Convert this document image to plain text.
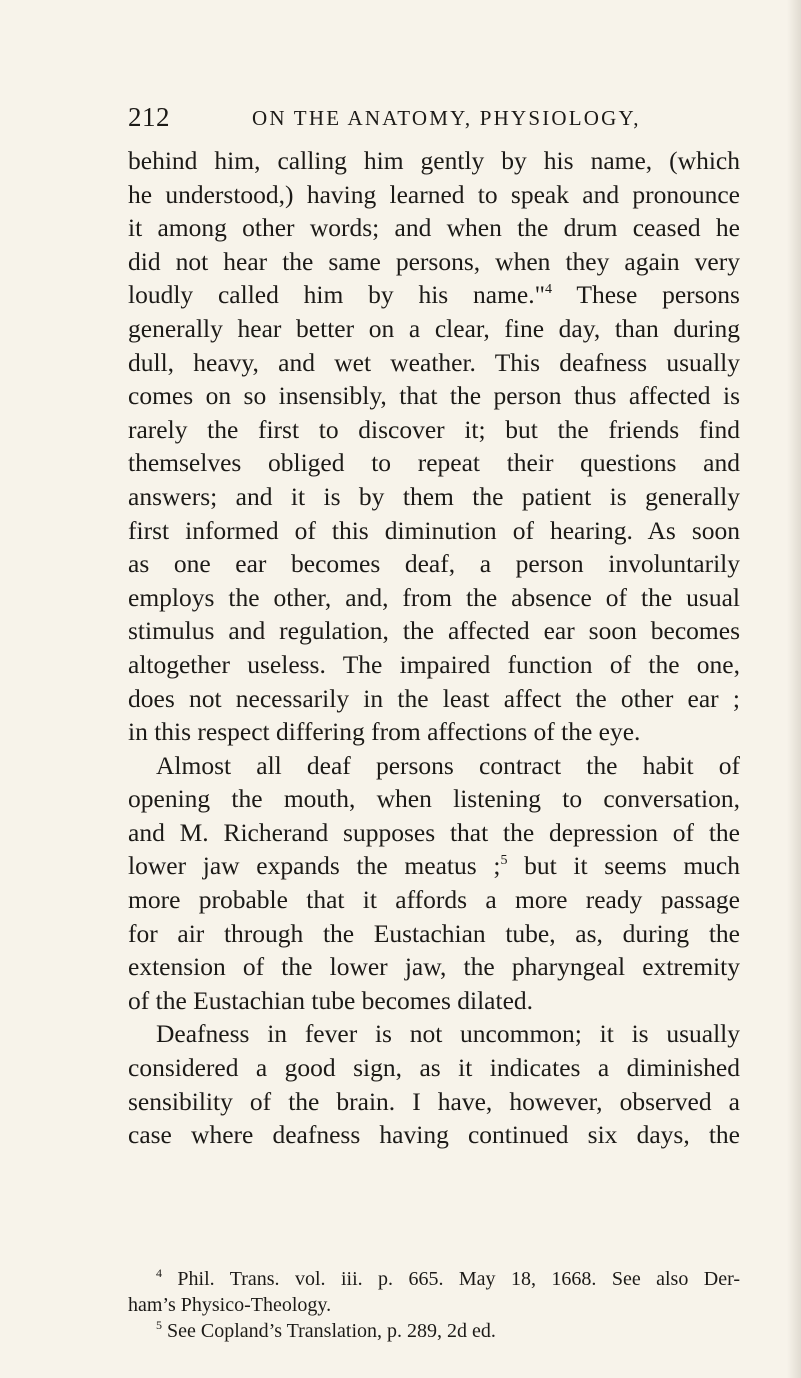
212	ON THE ANATOMY, PHYSIOLOGY,
behind him, calling him gently by his name, (which
he understood,) having learned to speak and pronounce
it among other words; and when the drum ceased he
did not hear the same persons, when they again very
loudly called him by his name."$^4$ These persons
generally hear better on a clear, fine day, than during
dull, heavy, and wet weather. This deafness usually
comes on so insensibly, that the person thus affected is
rarely the first to discover it; but the friends find
themselves obliged to repeat their questions and
answers; and it is by them the patient is generally
first informed of this diminution of hearing. As soon
as one ear becomes deaf, a person involuntarily
employs the other, and, from the absence of the usual
stimulus and regulation, the affected ear soon becomes
altogether useless. The impaired function of the one,
does not necessarily in the least affect the other ear ;
in this respect differing from affections of the eye.
Almost all deaf persons contract the habit of
opening the mouth, when listening to conversation,
and M. Richerand supposes that the depression of the
lower jaw expands the meatus ;$^5$ but it seems much
more probable that it affords a more ready passage
for air through the Eustachian tube, as, during the
extension of the lower jaw, the pharyngeal extremity
of the Eustachian tube becomes dilated.
Deafness in fever is not uncommon; it is usually
considered a good sign, as it indicates a diminished
sensibility of the brain. I have, however, observed a
case where deafness having continued six days, the
$^4$ Phil. Trans. vol. iii. p. 665. May 18, 1668. See also Der-
ham’s Physico-Theology.
$^5$ See Copland’s Translation, p. 289, 2d ed.
